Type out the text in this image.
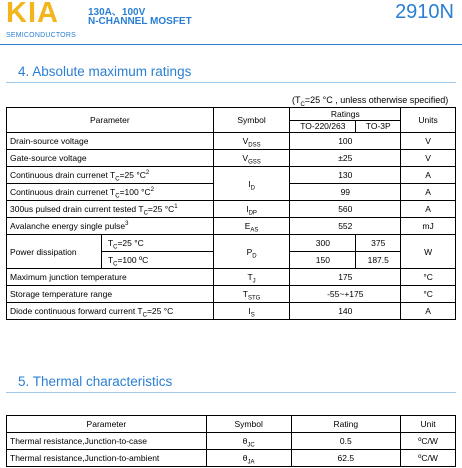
KIA
SEMICONDUCTORS
130A、100V
N-CHANNEL MOSFET	2910N
4. Absolute maximum ratings
($T_C=25$ °C , unless otherwise specified)
Parameter		Symbol	Ratings		Units
			TO-220/263	TO-3P	
Drain-source voltage		$V_{DSS}$	100		V
Gate-source voltage		$V_{GSS}$	±25		V
Continuous drain currenet $T_C=25$ $^\circ C^2$		$I_D$	130		A
Continuous drain currenet $T_C=100$ $^\circ C^2$			99		A
300us pulsed drain current tested $T_C=25$ $^\circ C^1$		$I_{DP}$	560		A
Avalanche energy single pulse$^3$		$E_{AS}$	552		mJ
Power dissipation	$T_C=25$ °C	$P_D$	300	375	W
	$T_C=100$ ºC		150	187.5	
Maximum junction temperature		$T_J$	175		°C
Storage temperature range		$T_{STG}$	-55~+175		°C
Diode continuous forward current $T_C=25$ °C		$I_S$	140		A
5. Thermal characteristics
Parameter	Symbol	Rating	Unit
Thermal resistance,Junction-to-case	$\theta_{JC}$	0.5	ºC/W
Thermal resistance,Junction-to-ambient	$\theta_{JA}$	62.5	ºC/W
